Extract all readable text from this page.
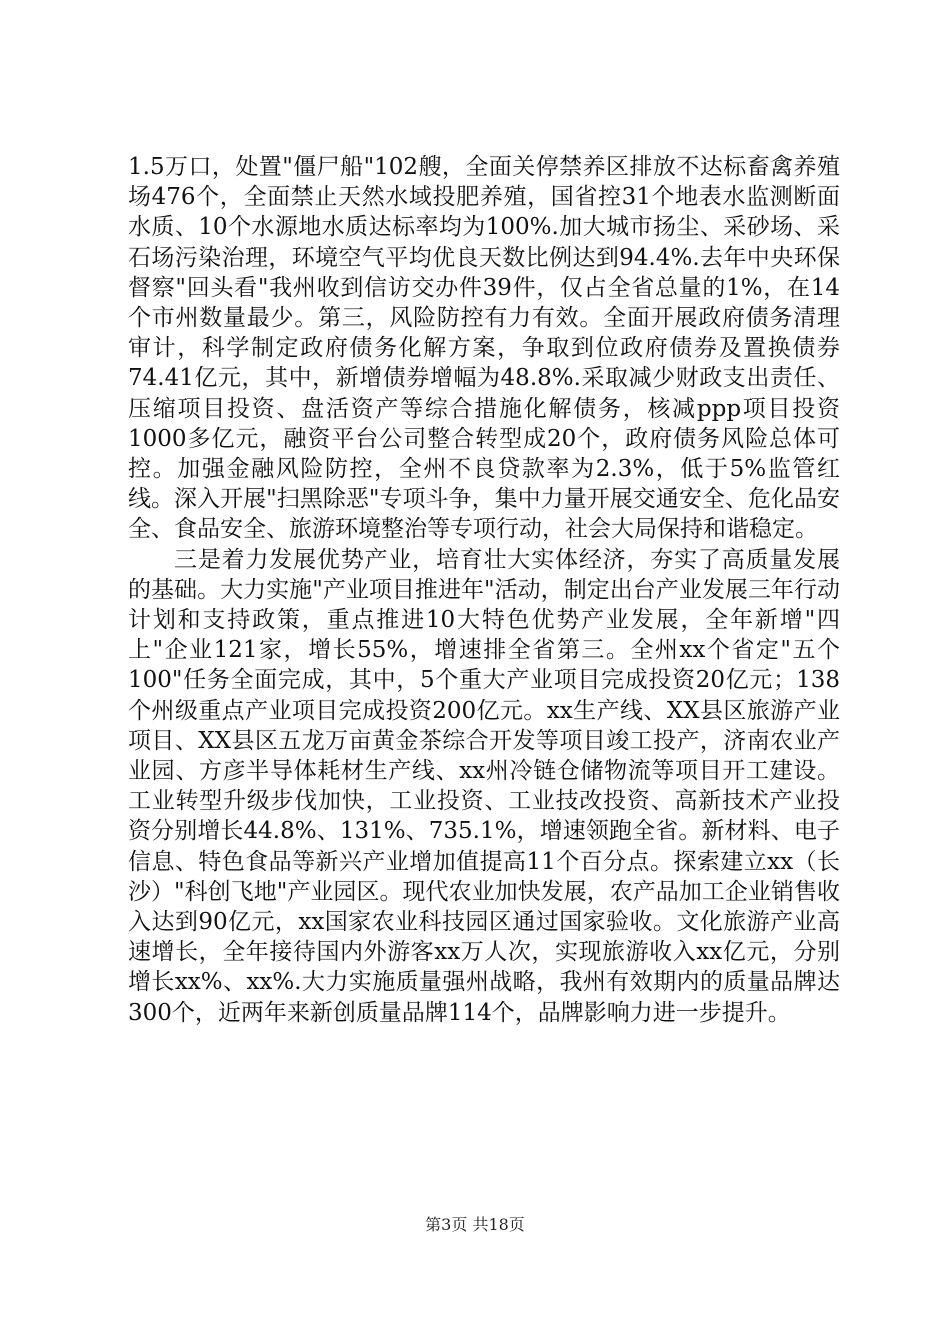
1.5万口，处置"僵尸船"102艘，全面关停禁养区排放不达标畜禽养殖场476个，全面禁止天然水域投肥养殖，国省控31个地表水监测断面水质、10个水源地水质达标率均为100%.加大城市扬尘、采砂场、采石场污染治理，环境空气平均优良天数比例达到94.4%.去年中央环保督察"回头看"我州收到信访交办件39件，仅占全省总量的1%，在14个市州数量最少。第三，风险防控有力有效。全面开展政府债务清理审计，科学制定政府债务化解方案，争取到位政府债券及置换债券74.41亿元，其中，新增债券增幅为48.8%.采取减少财政支出责任、压缩项目投资、盘活资产等综合措施化解债务，核减ppp项目投资1000多亿元，融资平台公司整合转型成20个，政府债务风险总体可控。加强金融风险防控，全州不良贷款率为2.3%，低于5%监管红线。深入开展"扫黑除恶"专项斗争，集中力量开展交通安全、危化品安全、食品安全、旅游环境整治等专项行动，社会大局保持和谐稳定。

三是着力发展优势产业，培育壮大实体经济，夯实了高质量发展的基础。大力实施"产业项目推进年"活动，制定出台产业发展三年行动计划和支持政策，重点推进10大特色优势产业发展，全年新增"四上"企业121家，增长55%，增速排全省第三。全州xx个省定"五个100"任务全面完成，其中，5个重大产业项目完成投资20亿元；138个州级重点产业项目完成投资200亿元。xx生产线、XX县区旅游产业项目、XX县区五龙万亩黄金茶综合开发等项目竣工投产，济南农业产业园、方彦半导体耗材生产线、xx州冷链仓储物流等项目开工建设。工业转型升级步伐加快，工业投资、工业技改投资、高新技术产业投资分别增长44.8%、131%、735.1%，增速领跑全省。新材料、电子信息、特色食品等新兴产业增加值提高11个百分点。探索建立xx（长沙）"科创飞地"产业园区。现代农业加快发展，农产品加工企业销售收入达到90亿元，xx国家农业科技园区通过国家验收。文化旅游产业高速增长，全年接待国内外游客xx万人次，实现旅游收入xx亿元，分别增长xx%、xx%.大力实施质量强州战略，我州有效期内的质量品牌达300个，近两年来新创质量品牌114个，品牌影响力进一步提升。

第3页 共18页
